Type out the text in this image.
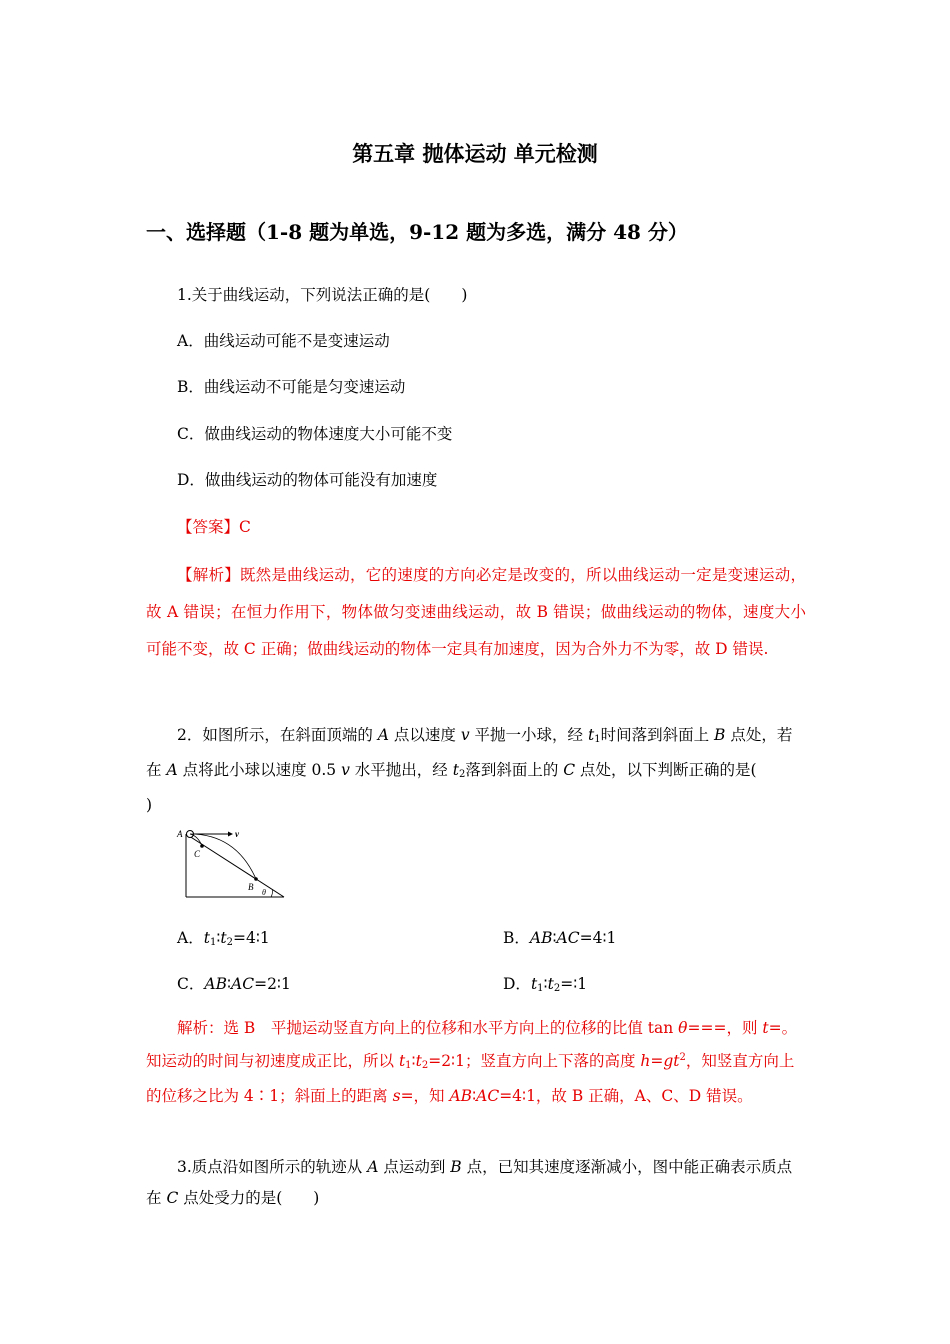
第五章 抛体运动 单元检测
一、选择题（1-8 题为单选，9-12 题为多选，满分 48 分）
1.关于曲线运动，下列说法正确的是(　　)
A．曲线运动可能不是变速运动
B．曲线运动不可能是匀变速运动
C．做曲线运动的物体速度大小可能不变
D．做曲线运动的物体可能没有加速度
【答案】C
【解析】既然是曲线运动，它的速度的方向必定是改变的，所以曲线运动一定是变速运动，故 A 错误；在恒力作用下，物体做匀变速曲线运动，故 B 错误；做曲线运动的物体，速度大小可能不变，故 C 正确；做曲线运动的物体一定具有加速度，因为合外力不为零，故 D 错误.
2．如图所示，在斜面顶端的 A 点以速度 v 平抛一小球，经 $t_1$时间落到斜面上 B 点处，若在 A 点将此小球以速度 0.5 v 水平抛出，经 $t_2$落到斜面上的 C 点处，以下判断正确的是(
)
A	v
C
B
θ
A．$t_1∶t_2=4∶1$	B．AB∶AC=4∶1
C．AB∶AC=2∶1	D．$t_1∶t_2=∶1$
解析：选 B　平抛运动竖直方向上的位移和水平方向上的位移的比值 tan θ===，则 t=。知运动的时间与初速度成正比，所以 $t_1∶t_2=2∶1$；竖直方向上下落的高度 $h=gt^2$，知竖直方向上的位移之比为 4∶1；斜面上的距离 s=，知 AB∶AC=4∶1，故 B 正确，A、C、D 错误。
3.质点沿如图所示的轨迹从 A 点运动到 B 点，已知其速度逐渐减小，图中能正确表示质点在 C 点处受力的是(　　)
